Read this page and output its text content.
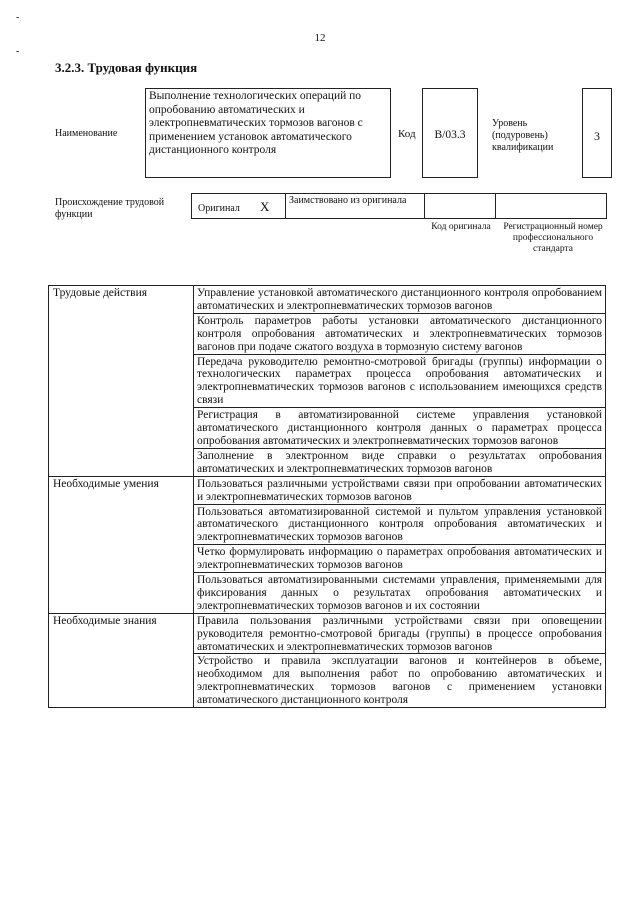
-
-
12
3.2.3. Трудовая функция
Наименование
Выполнение технологических операций по опробованию автоматических и электропневматических тормозов вагонов с применением установок автоматического дистанционного контроля
Код	B/03.3
Уровень (подуровень) квалификации
3
Происхождение трудовой функции
Оригинал X Заимствовано из оригинала
Код оригинала Регистрационный номер профессионального стандарта
Трудовые действия	Управление установкой автоматического дистанционного контроля опробованием автоматических и электропневматических тормозов вагонов
	Контроль параметров работы установки автоматического дистанционного контроля опробования автоматических и электропневматических тормозов вагонов при подаче сжатого воздуха в тормозную систему вагонов
	Передача руководителю ремонтно-смотровой бригады (группы) информации о технологических параметрах процесса опробования автоматических и электропневматических тормозов вагонов с использованием имеющихся средств связи
	Регистрация в автоматизированной системе управления установкой автоматического дистанционного контроля данных о параметрах процесса опробования автоматических и электропневматических тормозов вагонов
	Заполнение в электронном виде справки о результатах опробования автоматических и электропневматических тормозов вагонов
Необходимые умения	Пользоваться различными устройствами связи при опробовании автоматических и электропневматических тормозов вагонов
	Пользоваться автоматизированной системой и пультом управления установкой автоматического дистанционного контроля опробования автоматических и электропневматических тормозов вагонов
	Четко формулировать информацию о параметрах опробования автоматических и электропневматических тормозов вагонов
	Пользоваться автоматизированными системами управления, применяемыми для фиксирования данных о результатах опробования автоматических и электропневматических тормозов вагонов и их состоянии
Необходимые знания	Правила пользования различными устройствами связи при оповещении руководителя ремонтно-смотровой бригады (группы) в процессе опробования автоматических и электропневматических тормозов вагонов
	Устройство и правила эксплуатации вагонов и контейнеров в объеме, необходимом для выполнения работ по опробованию автоматических и электропневматических тормозов вагонов с применением установки автоматического дистанционного контроля
